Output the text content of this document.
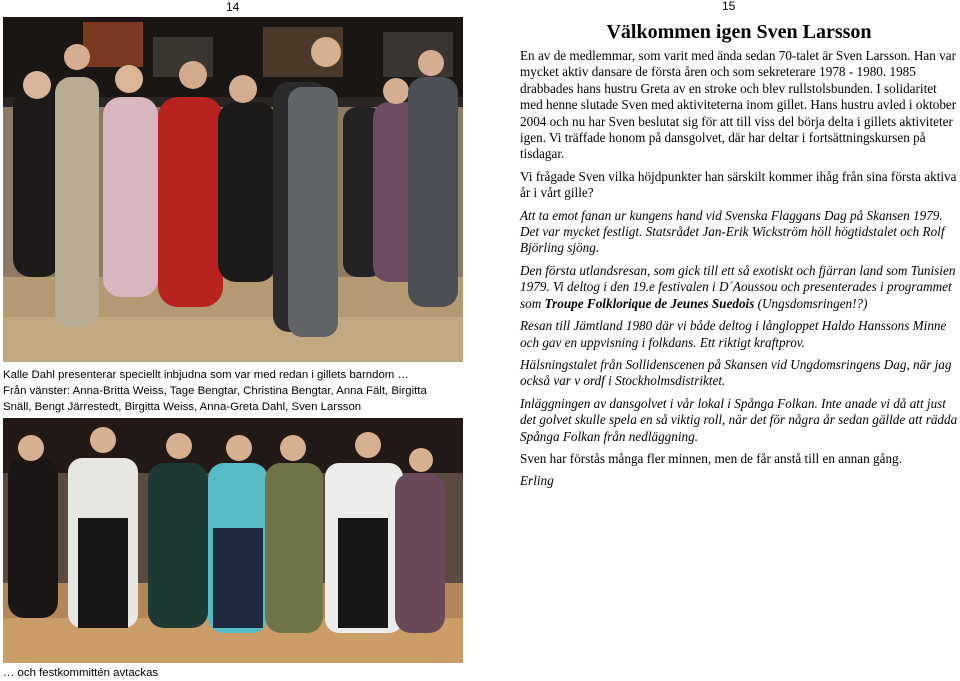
14	15
Kalle Dahl presenterar speciellt inbjudna som var med redan i gillets barndom …
Från vänster: Anna-Britta Weiss, Tage Bengtar, Christina Bengtar, Anna Fält, Birgitta
Snäll, Bengt Järrestedt, Birgitta Weiss, Anna-Greta Dahl, Sven Larsson
… och festkommittén avtackas
Välkommen igen Sven Larsson
En av de medlemmar, som varit med ända sedan 70-talet är Sven Larsson. Han var mycket aktiv dansare de första åren och som sekreterare 1978 - 1980. 1985 drabbades hans hustru Greta av en stroke och blev rullstolsbunden. I solidaritet med henne slutade Sven med aktiviteterna inom gillet. Hans hustru avled i oktober 2004 och nu har Sven beslutat sig för att till viss del börja delta i gillets aktiviteter igen. Vi träffade honom på dansgolvet, där har deltar i fortsättningskursen på tisdagar.
Vi frågade Sven vilka höjdpunkter han särskilt kommer ihåg från sina första aktiva år i vårt gille?
Att ta emot fanan ur kungens hand vid Svenska Flaggans Dag på Skansen 1979. Det var mycket festligt. Statsrådet Jan-Erik Wickström höll högtidstalet och Rolf Björling sjöng.
Den första utlandsresan, som gick till ett så exotiskt och fjärran land som Tunisien 1979. Vi deltog i den 19.e festivalen i D´Aoussou och presenterades i programmet som Troupe Folklorique de Jeunes Suedois (Ungsdomsringen!?)
Resan till Jämtland 1980 där vi både deltog i långloppet Haldo Hanssons Minne och gav en uppvisning i folkdans. Ett riktigt kraftprov.
Hälsningstalet från Sollidenscenen på Skansen vid Ungdomsringens Dag, när jag också var v ordf i Stockholmsdistriktet.
Inläggningen av dansgolvet i vår lokal i Spånga Folkan. Inte anade vi då att just det golvet skulle spela en så viktig roll, när det för några år sedan gällde att rädda Spånga Folkan från nedläggning.
Sven har förstås många fler minnen, men de får anstå till en annan gång.
Erling
